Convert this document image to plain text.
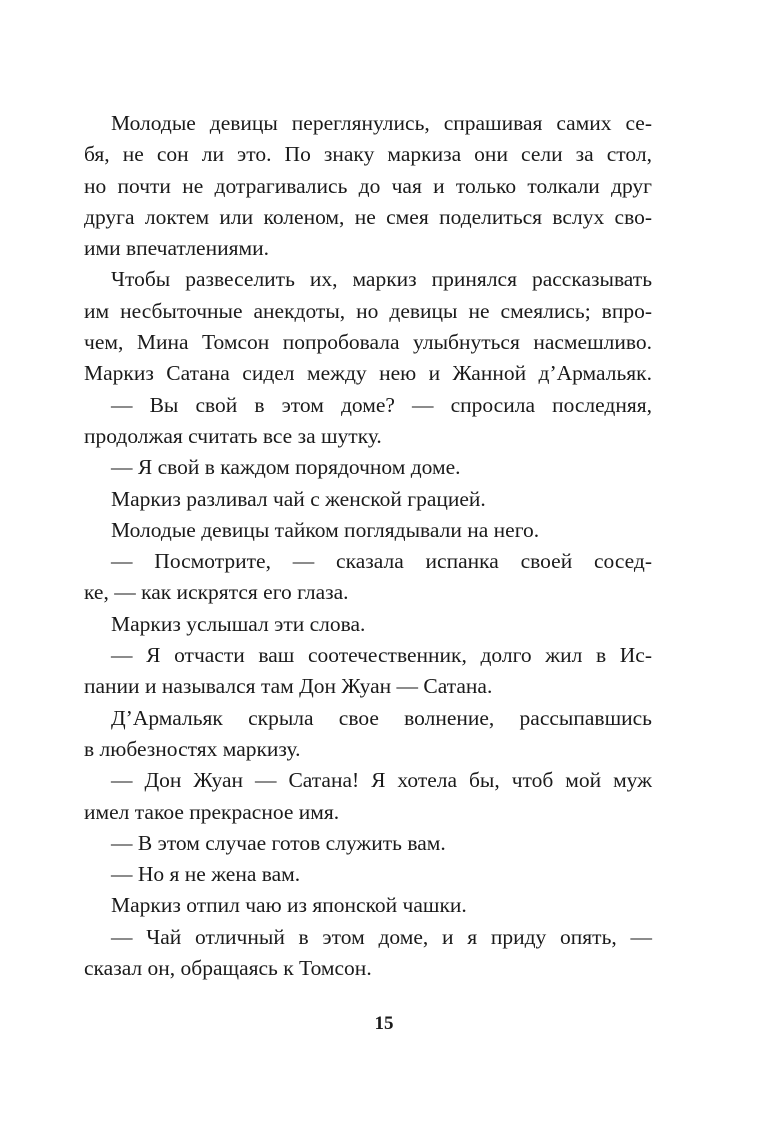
Молодые девицы переглянулись, спрашивая самих се-
бя, не сон ли это. По знаку маркиза они сели за стол,
но почти не дотрагивались до чая и только толкали друг
друга локтем или коленом, не смея поделиться вслух сво-
ими впечатлениями.
Чтобы развеселить их, маркиз принялся рассказывать
им несбыточные анекдоты, но девицы не смеялись; впро-
чем, Мина Томсон попробовала улыбнуться насмешливо.
Маркиз Сатана сидел между нею и Жанной д’Армальяк.
— Вы свой в этом доме? — спросила последняя,
продолжая считать все за шутку.
— Я свой в каждом порядочном доме.
Маркиз разливал чай с женской грацией.
Молодые девицы тайком поглядывали на него.
— Посмотрите, — сказала испанка своей сосед-
ке, — как искрятся его глаза.
Маркиз услышал эти слова.
— Я отчасти ваш соотечественник, долго жил в Ис-
пании и назывался там Дон Жуан — Сатана.
Д’Армальяк скрыла свое волнение, рассыпавшись
в любезностях маркизу.
— Дон Жуан — Сатана! Я хотела бы, чтоб мой муж
имел такое прекрасное имя.
— В этом случае готов служить вам.
— Но я не жена вам.
Маркиз отпил чаю из японской чашки.
— Чай отличный в этом доме, и я приду опять, —
сказал он, обращаясь к Томсон.
15
